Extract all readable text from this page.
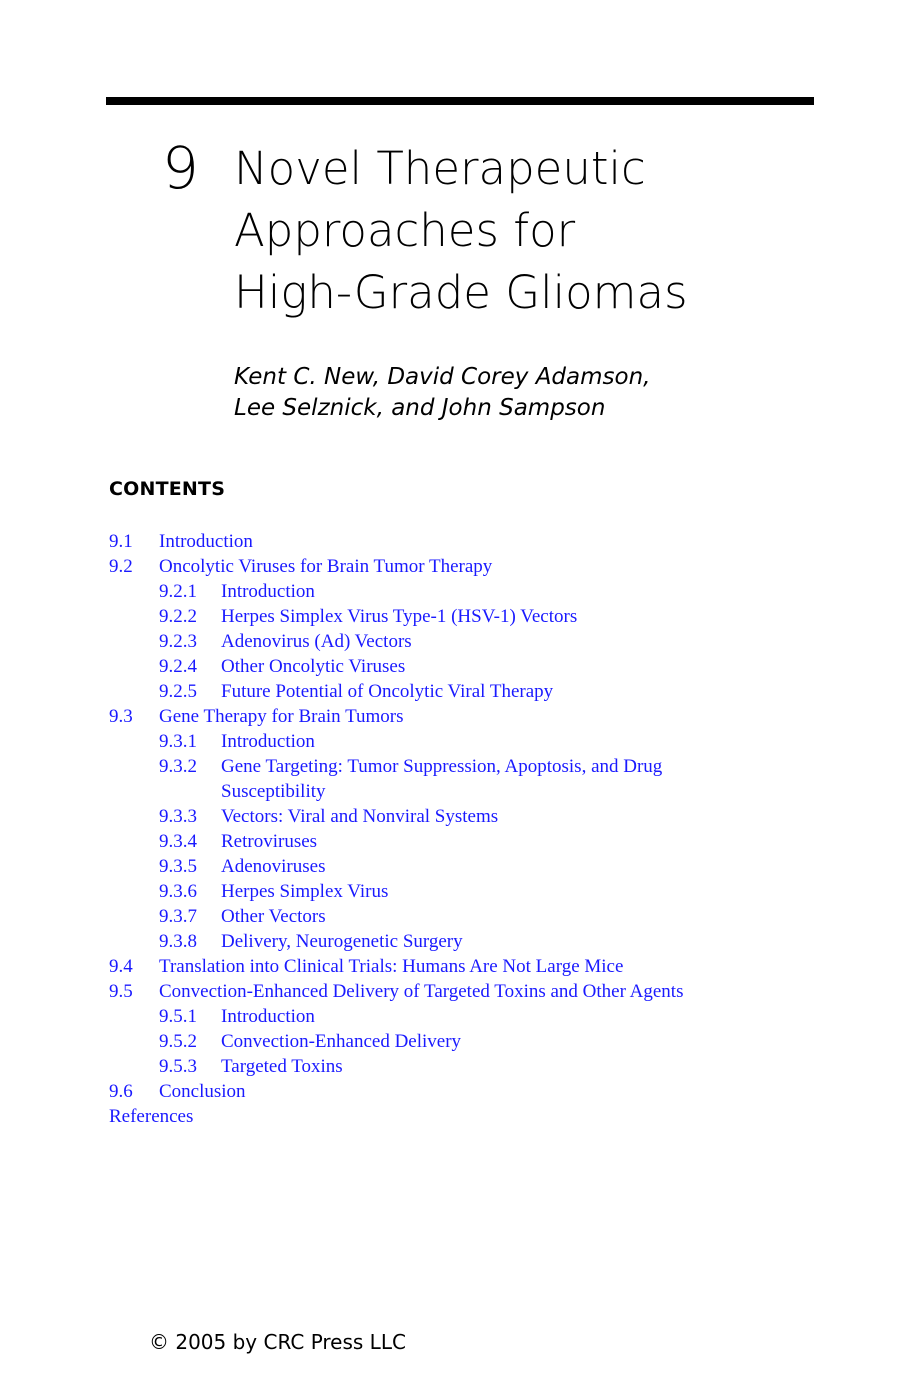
9 Novel Therapeutic
Approaches for
High-Grade Gliomas
Kent C. New, David Corey Adamson,
Lee Selznick, and John Sampson
CONTENTS
9.1 Introduction
9.2 Oncolytic Viruses for Brain Tumor Therapy
9.2.1 Introduction
9.2.2 Herpes Simplex Virus Type-1 (HSV-1) Vectors
9.2.3 Adenovirus (Ad) Vectors
9.2.4 Other Oncolytic Viruses
9.2.5 Future Potential of Oncolytic Viral Therapy
9.3 Gene Therapy for Brain Tumors
9.3.1 Introduction
9.3.2 Gene Targeting: Tumor Suppression, Apoptosis, and Drug
Susceptibility
9.3.3 Vectors: Viral and Nonviral Systems
9.3.4 Retroviruses
9.3.5 Adenoviruses
9.3.6 Herpes Simplex Virus
9.3.7 Other Vectors
9.3.8 Delivery, Neurogenetic Surgery
9.4 Translation into Clinical Trials: Humans Are Not Large Mice
9.5 Convection-Enhanced Delivery of Targeted Toxins and Other Agents
9.5.1 Introduction
9.5.2 Convection-Enhanced Delivery
9.5.3 Targeted Toxins
9.6 Conclusion
References
© 2005 by CRC Press LLC
